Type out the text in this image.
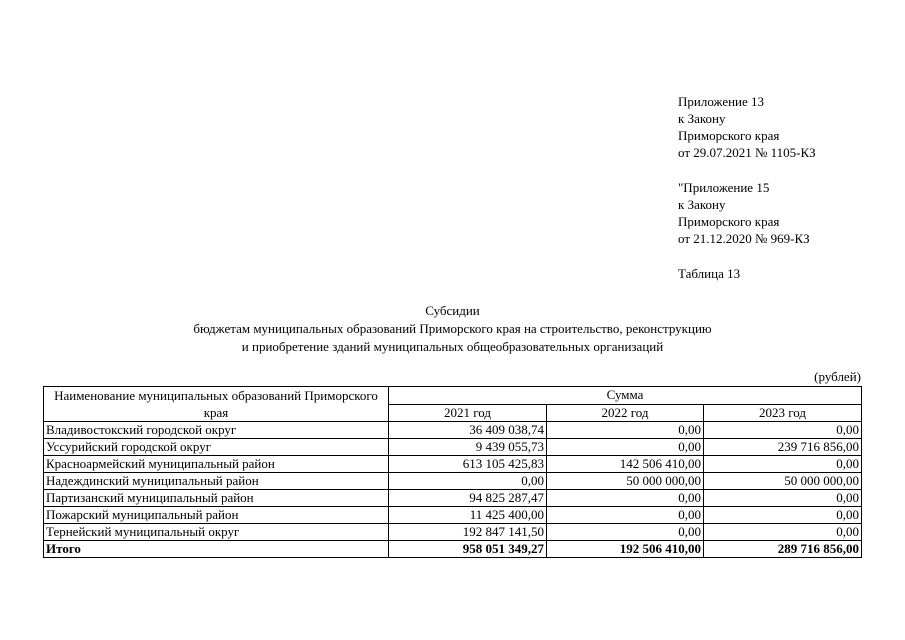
Приложение 13
к Закону
Приморского края
от 29.07.2021 № 1105-КЗ
"Приложение 15
к Закону
Приморского края
от 21.12.2020 № 969-КЗ
Таблица 13
Субсидии
бюджетам муниципальных образований Приморского края на строительство, реконструкцию
и приобретение зданий муниципальных общеобразовательных организаций
(рублей)
Наименование муниципальных образований Приморского края	Сумма		
	2021 год	2022 год	2023 год
Владивостокский городской округ	36 409 038,74	0,00	0,00
Уссурийский городской округ	9 439 055,73	0,00	239 716 856,00
Красноармейский муниципальный район	613 105 425,83	142 506 410,00	0,00
Надеждинский муниципальный район	0,00	50 000 000,00	50 000 000,00
Партизанский муниципальный район	94 825 287,47	0,00	0,00
Пожарский муниципальный район	11 425 400,00	0,00	0,00
Тернейский муниципальный округ	192 847 141,50	0,00	0,00
Итого	958 051 349,27	192 506 410,00	289 716 856,00
